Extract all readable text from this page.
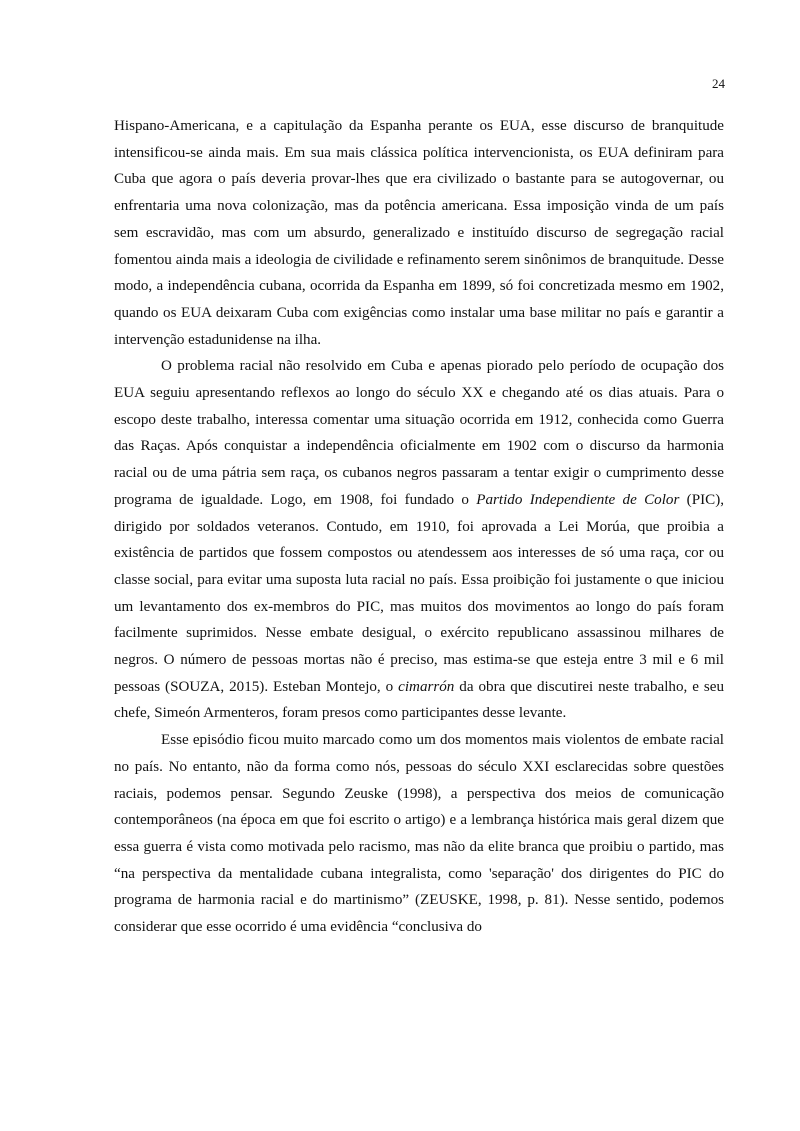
24

Hispano-Americana, e a capitulação da Espanha perante os EUA, esse discurso de branquitude intensificou-se ainda mais. Em sua mais clássica política intervencionista, os EUA definiram para Cuba que agora o país deveria provar-lhes que era civilizado o bastante para se autogovernar, ou enfrentaria uma nova colonização, mas da potência americana. Essa imposição vinda de um país sem escravidão, mas com um absurdo, generalizado e instituído discurso de segregação racial fomentou ainda mais a ideologia de civilidade e refinamento serem sinônimos de branquitude. Desse modo, a independência cubana, ocorrida da Espanha em 1899, só foi concretizada mesmo em 1902, quando os EUA deixaram Cuba com exigências como instalar uma base militar no país e garantir a intervenção estadunidense na ilha.

O problema racial não resolvido em Cuba e apenas piorado pelo período de ocupação dos EUA seguiu apresentando reflexos ao longo do século XX e chegando até os dias atuais. Para o escopo deste trabalho, interessa comentar uma situação ocorrida em 1912, conhecida como Guerra das Raças. Após conquistar a independência oficialmente em 1902 com o discurso da harmonia racial ou de uma pátria sem raça, os cubanos negros passaram a tentar exigir o cumprimento desse programa de igualdade. Logo, em 1908, foi fundado o Partido Independiente de Color (PIC), dirigido por soldados veteranos. Contudo, em 1910, foi aprovada a Lei Morúa, que proibia a existência de partidos que fossem compostos ou atendessem aos interesses de só uma raça, cor ou classe social, para evitar uma suposta luta racial no país. Essa proibição foi justamente o que iniciou um levantamento dos ex-membros do PIC, mas muitos dos movimentos ao longo do país foram facilmente suprimidos. Nesse embate desigual, o exército republicano assassinou milhares de negros. O número de pessoas mortas não é preciso, mas estima-se que esteja entre 3 mil e 6 mil pessoas (SOUZA, 2015). Esteban Montejo, o cimarrón da obra que discutirei neste trabalho, e seu chefe, Simeón Armenteros, foram presos como participantes desse levante.

Esse episódio ficou muito marcado como um dos momentos mais violentos de embate racial no país. No entanto, não da forma como nós, pessoas do século XXI esclarecidas sobre questões raciais, podemos pensar. Segundo Zeuske (1998), a perspectiva dos meios de comunicação contemporâneos (na época em que foi escrito o artigo) e a lembrança histórica mais geral dizem que essa guerra é vista como motivada pelo racismo, mas não da elite branca que proibiu o partido, mas “na perspectiva da mentalidade cubana integralista, como 'separação' dos dirigentes do PIC do programa de harmonia racial e do martinismo” (ZEUSKE, 1998, p. 81). Nesse sentido, podemos considerar que esse ocorrido é uma evidência “conclusiva do
